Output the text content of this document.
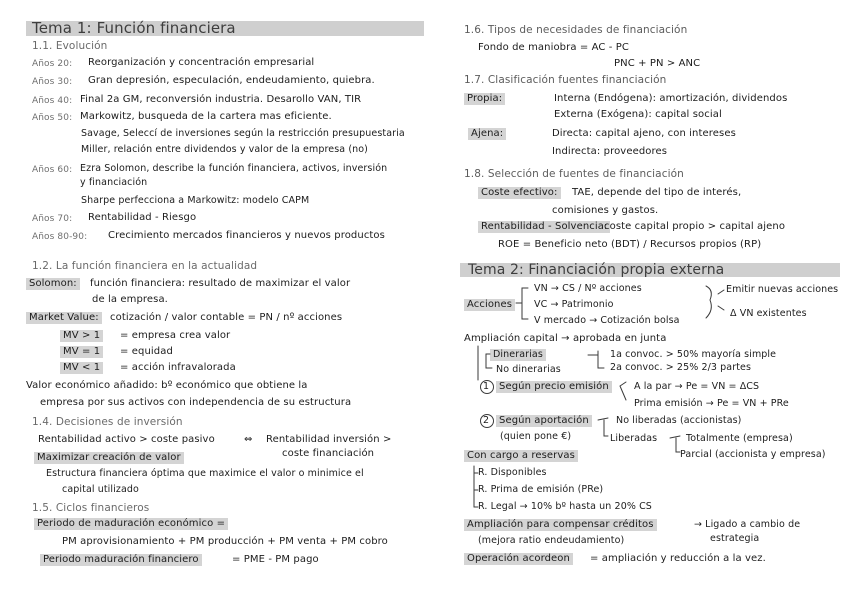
Tema 1: Función financiera
1.1. Evolución
Años 20: Reorganización y concentración empresarial
Años 30: Gran depresión, especulación, endeudamiento, quiebra.
Años 40: Final 2a GM, reconversión industria. Desarollo VAN, TIR
Años 50: Markowitz, busqueda de la cartera mas eficiente.
Savage, Seleccí de inversiones según la restricción presupuestaria
Miller, relación entre dividendos y valor de la empresa (no)
Años 60: Ezra Solomon, describe la función financiera, activos, inversión
y financiación
Sharpe perfecciona a Markowitz: modelo CAPM
Años 70: Rentabilidad - Riesgo
Años 80-90: Crecimiento mercados financieros y nuevos productos
1.2. La función financiera en la actualidad
Solomon:	función financiera: resultado de maximizar el valor
de la empresa.
Market Value:	cotización / valor contable = PN / nº acciones
MV > 1	= empresa crea valor
MV = 1	= equidad
MV < 1	= acción infravalorada
Valor económico añadido: bº económico que obtiene la
empresa por sus activos con independencia de su estructura
1.4. Decisiones de inversión
Rentabilidad activo > coste pasivo	⇔ Rentabilidad inversión >
coste financiación
Maximizar creación de valor
Estructura financiera óptima que maximice el valor o minimice el
capital utilizado
1.5. Ciclos financieros
Periodo de maduración económico =
PM aprovisionamiento + PM producción + PM venta + PM cobro
Periodo maduración financiero	= PME - PM pago
1.6. Tipos de necesidades de financiación
Fondo de maniobra = AC - PC
PNC + PN > ANC
1.7. Clasificación fuentes financiación
Propia:	Interna (Endógena): amortización, dividendos
Externa (Exógena): capital social
Ajena:	Directa: capital ajeno, con intereses
Indirecta: proveedores
1.8. Selección de fuentes de financiación
Coste efectivo:	TAE, depende del tipo de interés,
comisiones y gastos.
Rentabilidad - Solvencia:
coste capital propio > capital ajeno
ROE = Beneficio neto (BDT) / Recursos propios (RP)
Tema 2: Financiación propia externa
Acciones
VN → CS / Nº acciones
VC → Patrimonio
V mercado → Cotización bolsa
Emitir nuevas acciones
Δ VN existentes
Ampliación capital → aprobada en junta
Dinerarias
No dinerarias
1a convoc. > 50% mayoría simple
2a convoc. > 25% 2/3 partes
1 Según precio emisión	A la par → Pe = VN = ΔCS
Prima emisión → Pe = VN + PRe
2 Según aportación
(quien pone €)
No liberadas (accionistas)
Liberadas	Totalmente (empresa)
Parcial (accionista y empresa)
Con cargo a reservas
R. Disponibles
R. Prima de emisión (PRe)
R. Legal → 10% bº hasta un 20% CS
Ampliación para compensar créditos	→ Ligado a cambio de
estrategia
(mejora ratio endeudamiento)
Operación acordeon	= ampliación y reducción a la vez.
